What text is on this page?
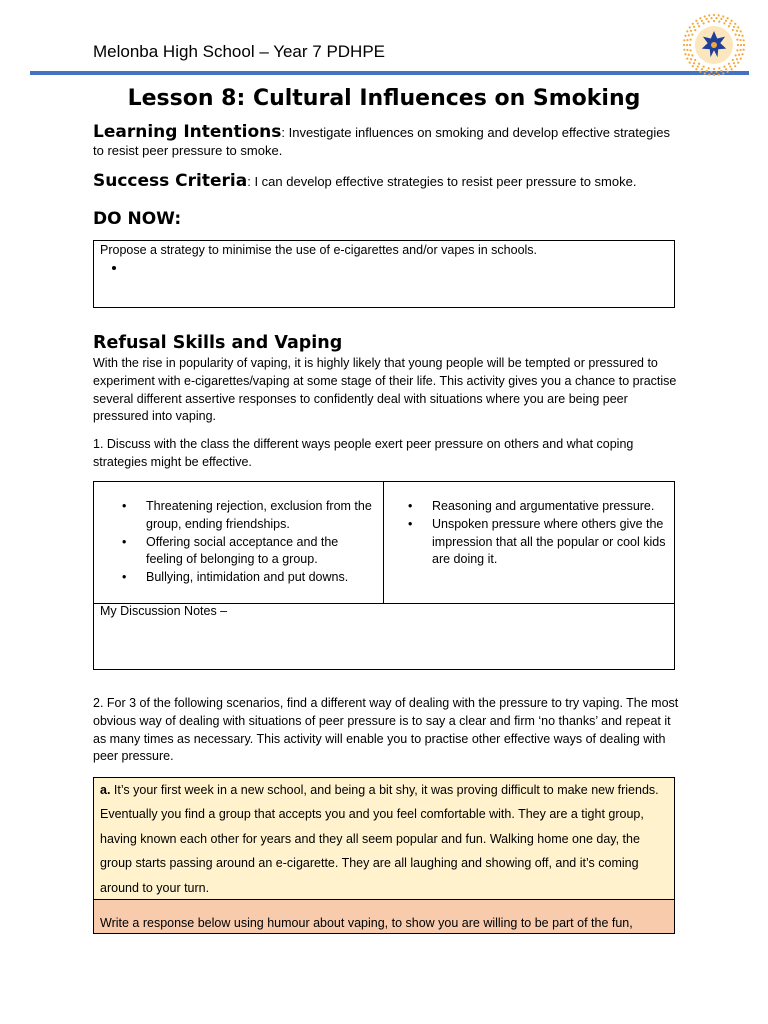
Melonba High School – Year 7 PDHPE
Lesson 8: Cultural Influences on Smoking
Learning Intentions: Investigate influences on smoking and develop effective strategies to resist peer pressure to smoke.
Success Criteria: I can develop effective strategies to resist peer pressure to smoke.
DO NOW:
Propose a strategy to minimise the use of e-cigarettes and/or vapes in schools.
•
Refusal Skills and Vaping
With the rise in popularity of vaping, it is highly likely that young people will be tempted or pressured to experiment with e-cigarettes/vaping at some stage of their life. This activity gives you a chance to practise several different assertive responses to confidently deal with situations where you are being peer pressured into vaping.
1. Discuss with the class the different ways people exert peer pressure on others and what coping strategies might be effective.
• Threatening rejection, exclusion from the group, ending friendships.
• Offering social acceptance and the feeling of belonging to a group.
• Bullying, intimidation and put downs.
• Reasoning and argumentative pressure.
• Unspoken pressure where others give the impression that all the popular or cool kids are doing it.
My Discussion Notes –
2. For 3 of the following scenarios, find a different way of dealing with the pressure to try vaping. The most obvious way of dealing with situations of peer pressure is to say a clear and firm ‘no thanks’ and repeat it as many times as necessary. This activity will enable you to practise other effective ways of dealing with peer pressure.
a. It’s your first week in a new school, and being a bit shy, it was proving difficult to make new friends. Eventually you find a group that accepts you and you feel comfortable with. They are a tight group, having known each other for years and they all seem popular and fun. Walking home one day, the group starts passing around an e-cigarette. They are all laughing and showing off, and it’s coming around to your turn.
Write a response below using humour about vaping, to show you are willing to be part of the fun,
